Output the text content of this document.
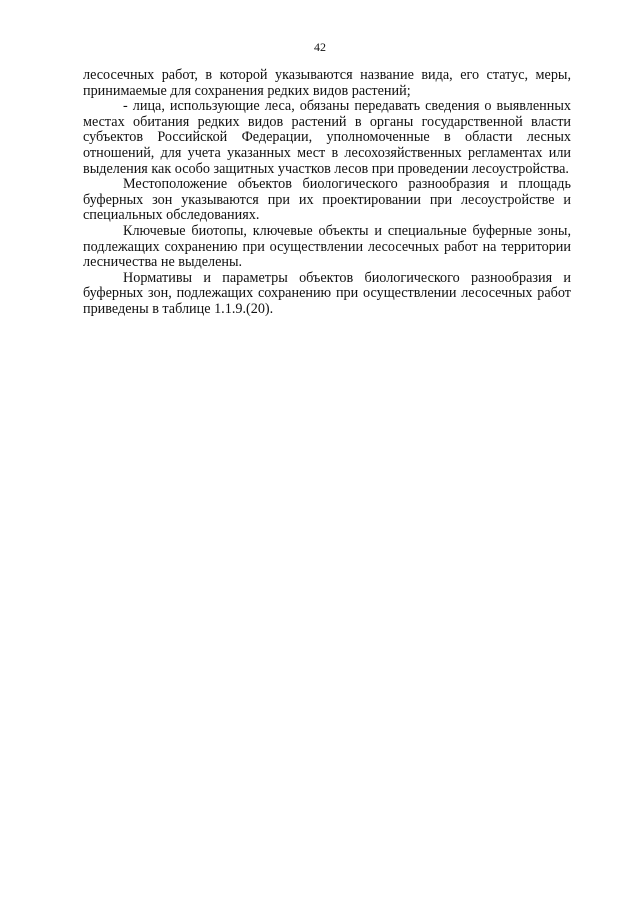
42

лесосечных работ, в которой указываются название вида, его статус, меры, принимаемые для сохранения редких видов растений;

- лица, использующие леса, обязаны передавать сведения о выявленных местах обитания редких видов растений в органы государственной власти субъектов Российской Федерации, уполномоченные в области лесных отношений, для учета указанных мест в лесохозяйственных регламентах или выделения как особо защитных участков лесов при проведении лесоустройства.

Местоположение объектов биологического разнообразия и площадь буферных зон указываются при их проектировании при лесоустройстве и специальных обследованиях.

Ключевые биотопы, ключевые объекты и специальные буферные зоны, подлежащих сохранению при осуществлении лесосечных работ на территории лесничества не выделены.

Нормативы и параметры объектов биологического разнообразия и буферных зон, подлежащих сохранению при осуществлении лесосечных работ приведены в таблице 1.1.9.(20).
